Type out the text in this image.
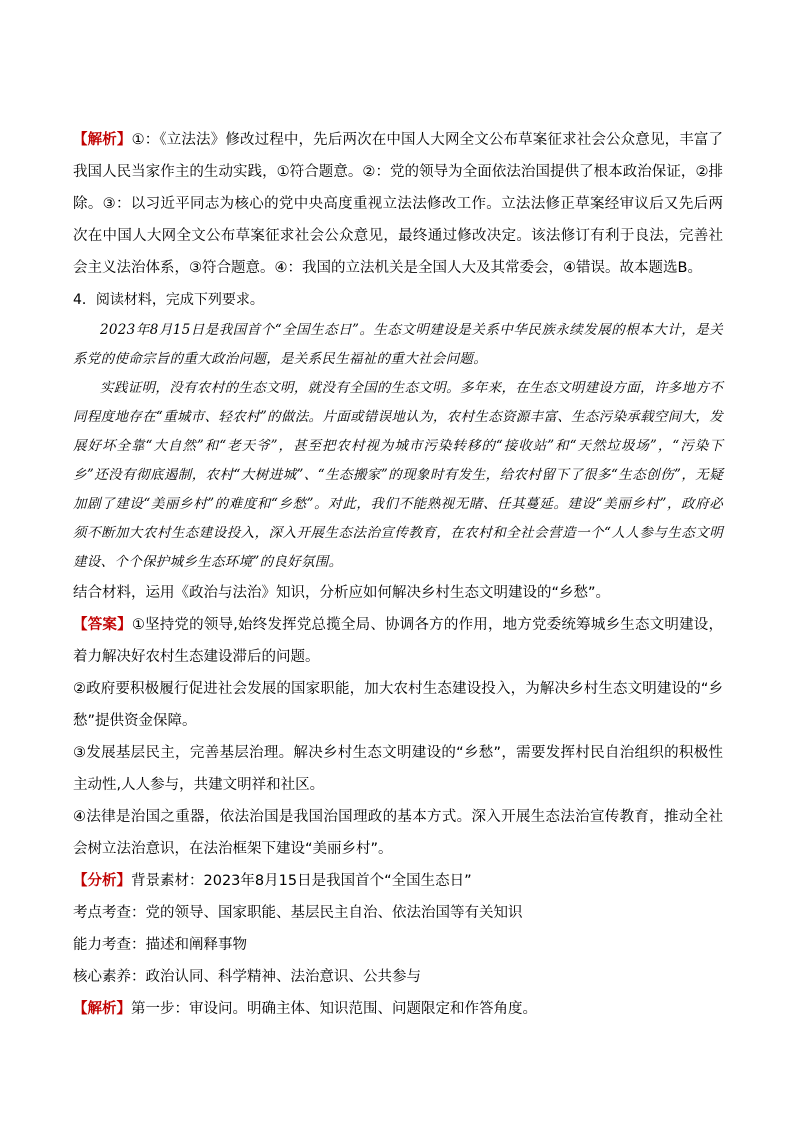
【解析】①：《立法法》修改过程中，先后两次在中国人大网全文公布草案征求社会公众意见，丰富了我国人民当家作主的生动实践，①符合题意。②：党的领导为全面依法治国提供了根本政治保证，②排除。③：以习近平同志为核心的党中央高度重视立法法修改工作。立法法修正草案经审议后又先后两次在中国人大网全文公布草案征求社会公众意见，最终通过修改决定。该法修订有利于良法，完善社会主义法治体系，③符合题意。④：我国的立法机关是全国人大及其常委会，④错误。故本题选B。

4．阅读材料，完成下列要求。

2023年8月15日是我国首个“全国生态日”。生态文明建设是关系中华民族永续发展的根本大计，是关系党的使命宗旨的重大政治问题，是关系民生福祉的重大社会问题。

实践证明，没有农村的生态文明，就没有全国的生态文明。多年来，在生态文明建设方面，许多地方不同程度地存在“重城市、轻农村”的做法。片面或错误地认为，农村生态资源丰富、生态污染承载空间大，发展好坏全靠“大自然”和“老天爷”，甚至把农村视为城市污染转移的“接收站”和“天然垃圾场”，“污染下乡”还没有彻底遏制，农村“大树进城”、“生态搬家”的现象时有发生，给农村留下了很多“生态创伤”，无疑加剧了建设“美丽乡村”的难度和“乡愁”。对此，我们不能熟视无睹、任其蔓延。建设“美丽乡村”，政府必须不断加大农村生态建设投入，深入开展生态法治宣传教育，在农村和全社会营造一个“人人参与生态文明建设、个个保护城乡生态环境”的良好氛围。

结合材料，运用《政治与法治》知识，分析应如何解决乡村生态文明建设的“乡愁”。

【答案】①坚持党的领导,始终发挥党总揽全局、协调各方的作用，地方党委统筹城乡生态文明建设，着力解决好农村生态建设滞后的问题。

②政府要积极履行促进社会发展的国家职能，加大农村生态建设投入，为解决乡村生态文明建设的“乡愁”提供资金保障。

③发展基层民主，完善基层治理。解决乡村生态文明建设的“乡愁”，需要发挥村民自治组织的积极性主动性,人人参与，共建文明祥和社区。

④法律是治国之重器，依法治国是我国治国理政的基本方式。深入开展生态法治宣传教育，推动全社会树立法治意识，在法治框架下建设“美丽乡村”。

【分析】背景素材：2023年8月15日是我国首个“全国生态日”

考点考查：党的领导、国家职能、基层民主自治、依法治国等有关知识

能力考查：描述和阐释事物

核心素养：政治认同、科学精神、法治意识、公共参与

【解析】第一步：审设问。明确主体、知识范围、问题限定和作答角度。
